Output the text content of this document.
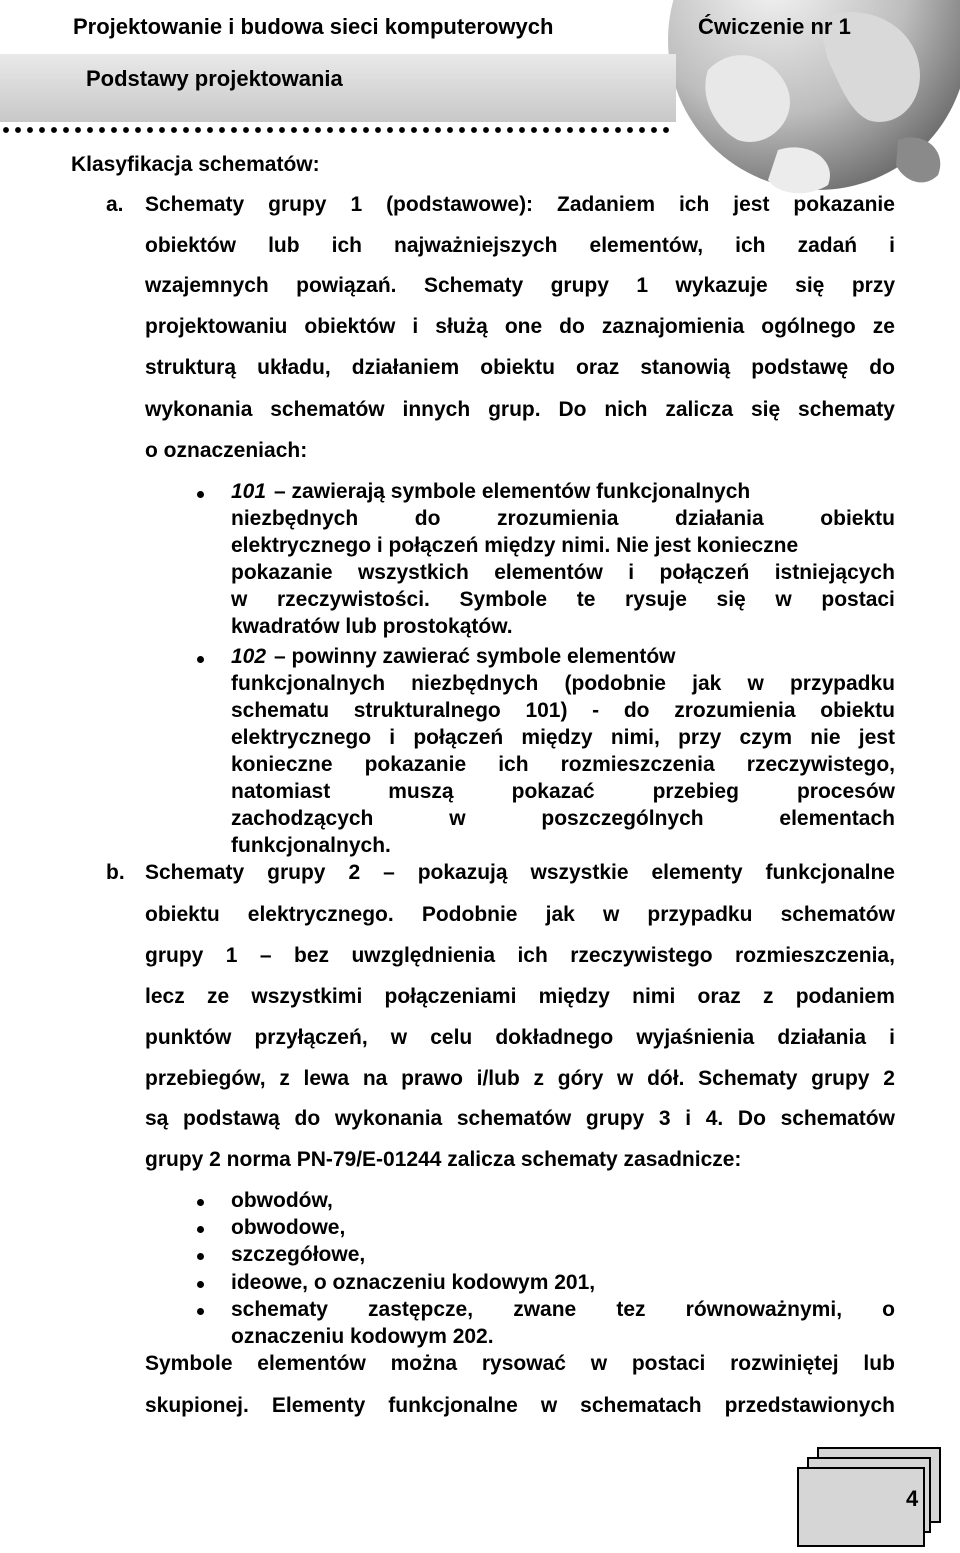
Projektowanie i budowa sieci komputerowych	Ćwiczenie nr 1
Podstawy projektowania
Klasyfikacja schematów:
a. Schematy grupy 1 (podstawowe): Zadaniem ich jest pokazanie
obiektów lub ich najważniejszych elementów, ich zadań i
wzajemnych powiązań. Schematy grupy 1 wykazuje się przy
projektowaniu obiektów i służą one do zaznajomienia ogólnego ze
strukturą układu, działaniem obiektu oraz stanowią podstawę do
wykonania schematów innych grup. Do nich zalicza się schematy
o oznaczeniach:
101 – zawierają symbole elementów funkcjonalnych
niezbędnych	do	zrozumienia	działania	obiektu
elektrycznego i połączeń między nimi. Nie jest konieczne
pokazanie wszystkich elementów i połączeń istniejących
w rzeczywistości. Symbole te rysuje się w postaci
kwadratów lub prostokątów.
102 – powinny zawierać symbole elementów
funkcjonalnych niezbędnych (podobnie jak w przypadku
schematu strukturalnego 101) - do zrozumienia obiektu
elektrycznego i połączeń między nimi, przy czym nie jest
konieczne pokazanie ich rozmieszczenia rzeczywistego,
natomiast	muszą	pokazać	przebieg	procesów
zachodzących	w	poszczególnych	elementach
funkcjonalnych.
b. Schematy grupy 2 – pokazują wszystkie elementy funkcjonalne
obiektu elektrycznego. Podobnie jak w przypadku schematów
grupy 1 – bez uwzględnienia ich rzeczywistego rozmieszczenia,
lecz ze wszystkimi połączeniami między nimi oraz z podaniem
punktów przyłączeń, w celu dokładnego wyjaśnienia działania i
przebiegów, z lewa na prawo i/lub z góry w dół. Schematy grupy 2
są podstawą do wykonania schematów grupy 3 i 4. Do schematów
grupy 2 norma PN-79/E-01244 zalicza schematy zasadnicze:
obwodów,
obwodowe,
szczegółowe,
ideowe, o oznaczeniu kodowym 201,
schematy zastępcze, zwane tez równoważnymi, o
oznaczeniu kodowym 202.
Symbole elementów można rysować w postaci rozwiniętej lub
skupionej. Elementy funkcjonalne w schematach przedstawionych
4
